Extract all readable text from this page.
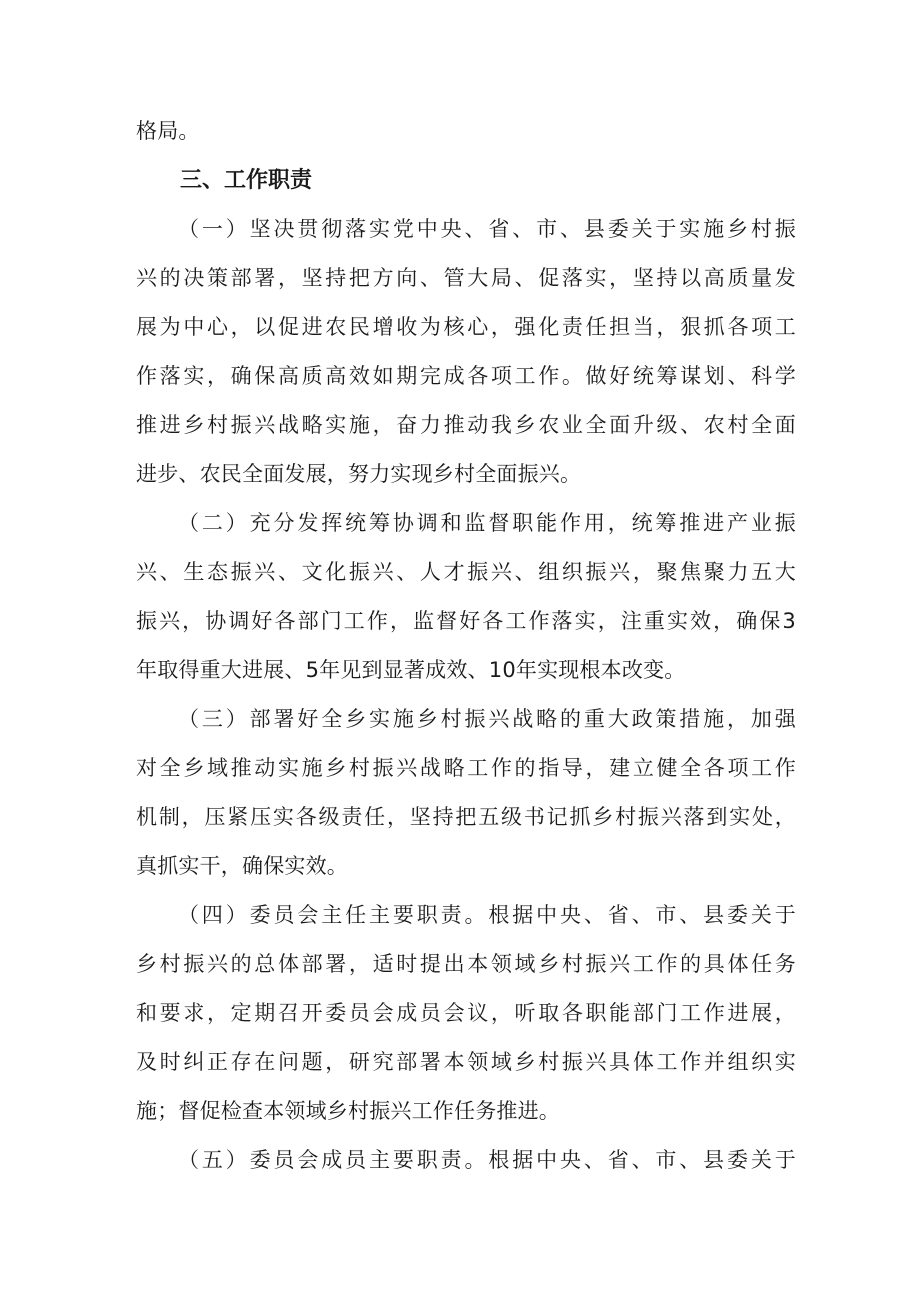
格局。
三、工作职责
（一）坚决贯彻落实党中央、省、市、县委关于实施乡村振
兴的决策部署，坚持把方向、管大局、促落实，坚持以高质量发
展为中心，以促进农民增收为核心，强化责任担当，狠抓各项工
作落实，确保高质高效如期完成各项工作。做好统筹谋划、科学
推进乡村振兴战略实施，奋力推动我乡农业全面升级、农村全面
进步、农民全面发展，努力实现乡村全面振兴。
（二）充分发挥统筹协调和监督职能作用，统筹推进产业振
兴、生态振兴、文化振兴、人才振兴、组织振兴，聚焦聚力五大
振兴，协调好各部门工作，监督好各工作落实，注重实效，确保3
年取得重大进展、5年见到显著成效、10年实现根本改变。
（三）部署好全乡实施乡村振兴战略的重大政策措施，加强
对全乡域推动实施乡村振兴战略工作的指导，建立健全各项工作
机制，压紧压实各级责任，坚持把五级书记抓乡村振兴落到实处，
真抓实干，确保实效。
（四）委员会主任主要职责。根据中央、省、市、县委关于
乡村振兴的总体部署，适时提出本领域乡村振兴工作的具体任务
和要求，定期召开委员会成员会议，听取各职能部门工作进展，
及时纠正存在问题，研究部署本领域乡村振兴具体工作并组织实
施；督促检查本领域乡村振兴工作任务推进。
（五）委员会成员主要职责。根据中央、省、市、县委关于
